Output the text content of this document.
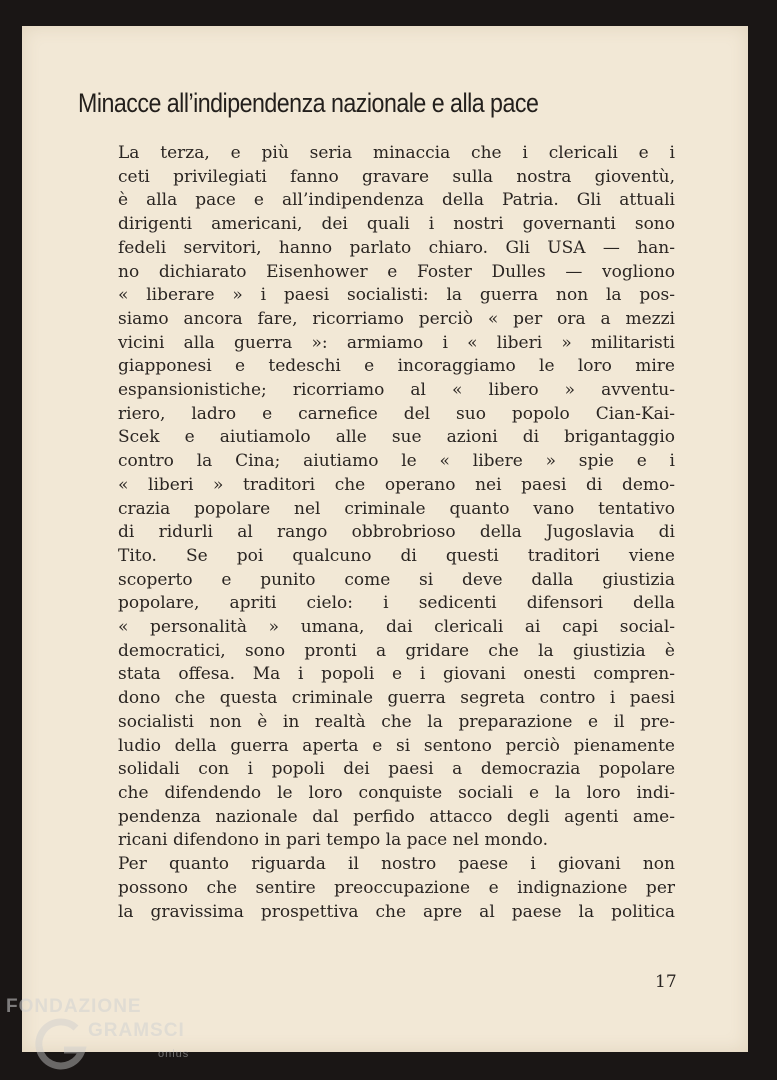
Minacce all’indipendenza nazionale e alla pace

La terza, e più seria minaccia che i clericali e i
ceti privilegiati fanno gravare sulla nostra gioventù,
è alla pace e all’indipendenza della Patria. Gli attuali
dirigenti americani, dei quali i nostri governanti sono
fedeli servitori, hanno parlato chiaro. Gli USA — han-
no dichiarato Eisenhower e Foster Dulles — vogliono
« liberare » i paesi socialisti: la guerra non la pos-
siamo ancora fare, ricorriamo perciò « per ora a mezzi
vicini alla guerra »: armiamo i « liberi » militaristi
giapponesi e tedeschi e incoraggiamo le loro mire
espansionistiche; ricorriamo al « libero » avventu-
riero, ladro e carnefice del suo popolo Cian-Kai-
Scek e aiutiamolo alle sue azioni di brigantaggio
contro la Cina; aiutiamo le « libere » spie e i
« liberi » traditori che operano nei paesi di demo-
crazia popolare nel criminale quanto vano tentativo
di ridurli al rango obbrobrioso della Jugoslavia di
Tito. Se poi qualcuno di questi traditori viene
scoperto e punito come si deve dalla giustizia
popolare, apriti cielo: i sedicenti difensori della
« personalità » umana, dai clericali ai capi social-
democratici, sono pronti a gridare che la giustizia è
stata offesa. Ma i popoli e i giovani onesti compren-
dono che questa criminale guerra segreta contro i paesi
socialisti non è in realtà che la preparazione e il pre-
ludio della guerra aperta e si sentono perciò pienamente
solidali con i popoli dei paesi a democrazia popolare
che difendendo le loro conquiste sociali e la loro indi-
pendenza nazionale dal perfido attacco degli agenti ame-
ricani difendono in pari tempo la pace nel mondo.

Per quanto riguarda il nostro paese i giovani non
possono che sentire preoccupazione e indignazione per
la gravissima prospettiva che apre al paese la politica

17
FONDAZIONE
GRAMSCI
onlus
